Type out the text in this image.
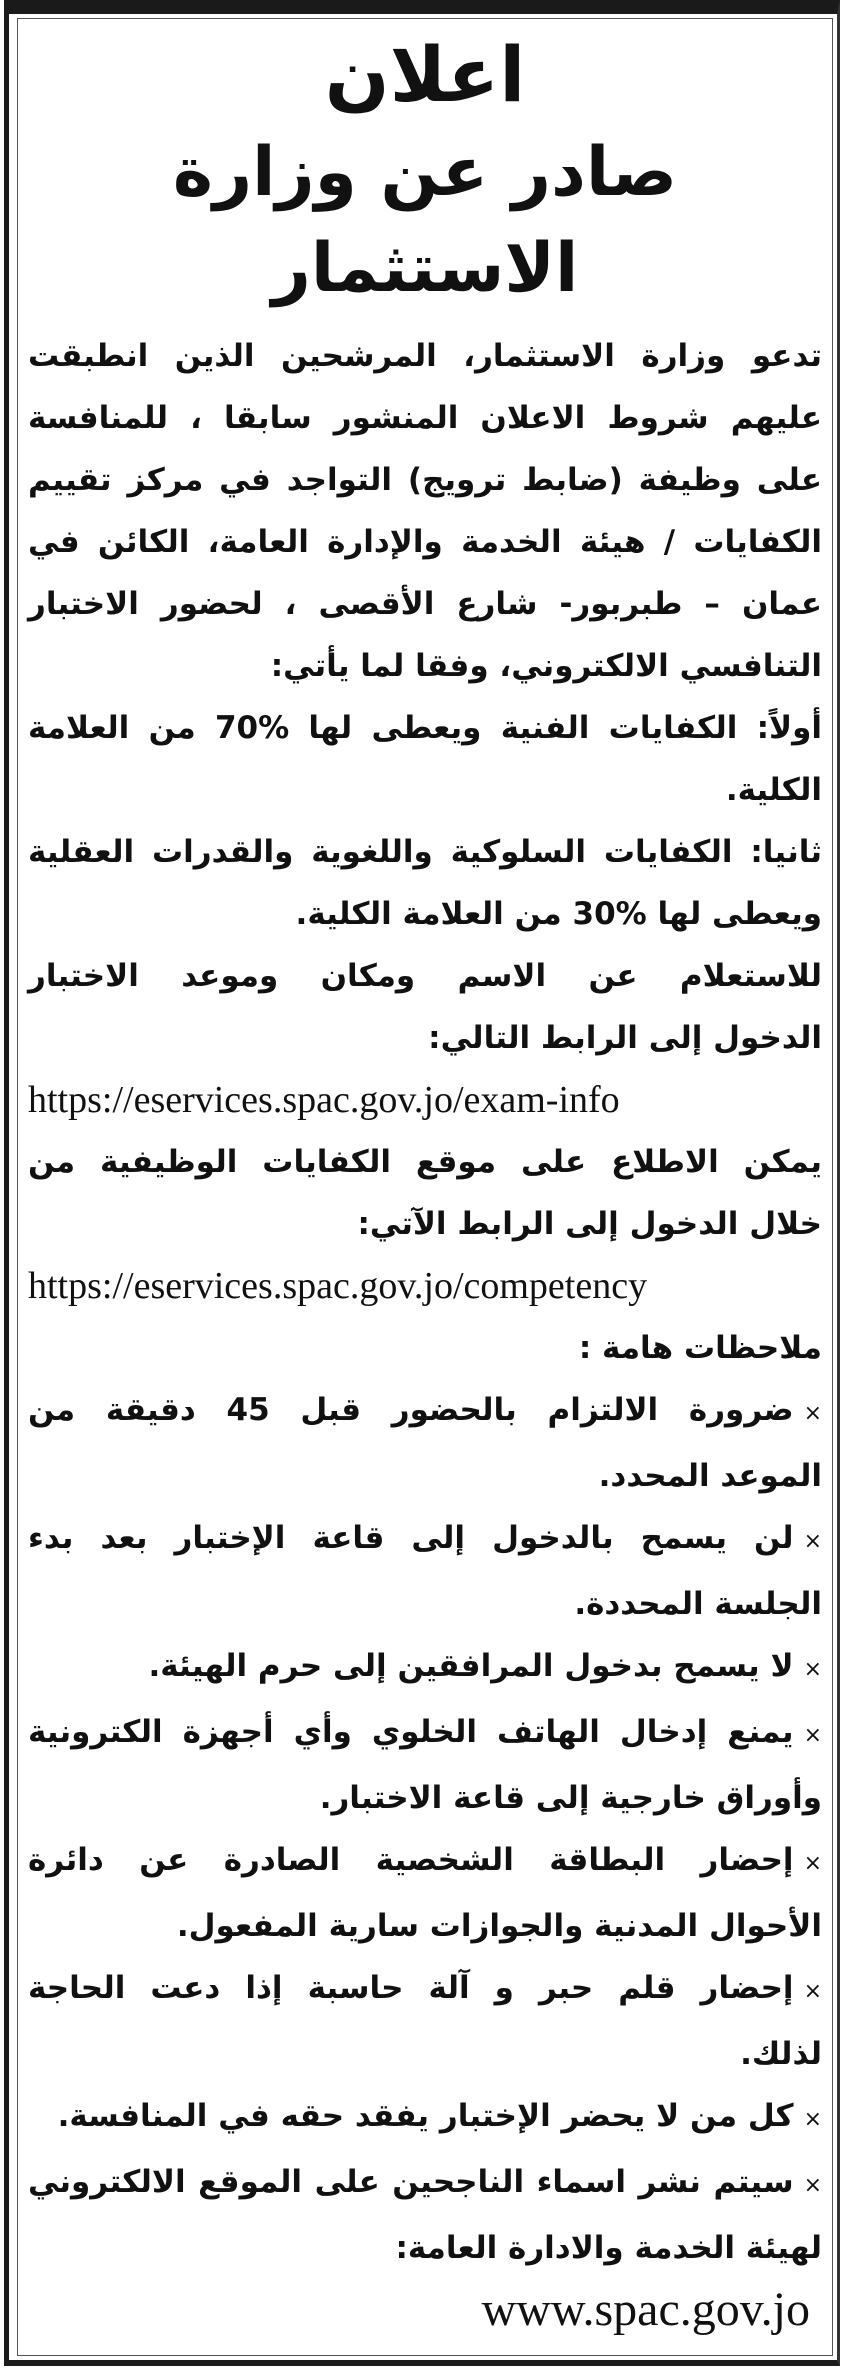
اعلان
صادر عن وزارة الاستثمار
تدعو وزارة الاستثمار، المرشحين الذين انطبقت
عليهم شروط الاعلان المنشور سابقا ، للمنافسة
على وظيفة (ضابط ترويج) التواجد في مركز تقييم
الكفايات / هيئة الخدمة والإدارة العامة، الكائن في
عمان – طبربور- شارع الأقصى ، لحضور الاختبار
التنافسي الالكتروني، وفقا لما يأتي:
أولاً: الكفايات الفنية ويعطى لها %70 من العلامة
الكلية.
ثانيا: الكفايات السلوكية واللغوية والقدرات العقلية
ويعطى لها %30 من العلامة الكلية.
للاستعلام عن الاسم ومكان وموعد الاختبار
الدخول إلى الرابط التالي:
https://eservices.spac.gov.jo/exam-info
يمكن الاطلاع على موقع الكفايات الوظيفية من
خلال الدخول إلى الرابط الآتي:
https://eservices.spac.gov.jo/competency
ملاحظات هامة :
×ضرورة الالتزام بالحضور قبل 45 دقيقة من
الموعد المحدد.
×لن يسمح بالدخول إلى قاعة الإختبار بعد بدء
الجلسة المحددة.
×لا يسمح بدخول المرافقين إلى حرم الهيئة.
×يمنع إدخال الهاتف الخلوي وأي أجهزة الكترونية
وأوراق خارجية إلى قاعة الاختبار.
×إحضار البطاقة الشخصية الصادرة عن دائرة
الأحوال المدنية والجوازات سارية المفعول.
×إحضار قلم حبر و آلة حاسبة إذا دعت الحاجة
لذلك.
×كل من لا يحضر الإختبار يفقد حقه في المنافسة.
×سيتم نشر اسماء الناجحين على الموقع الالكتروني
لهيئة الخدمة والادارة العامة:
www.spac.gov.jo
